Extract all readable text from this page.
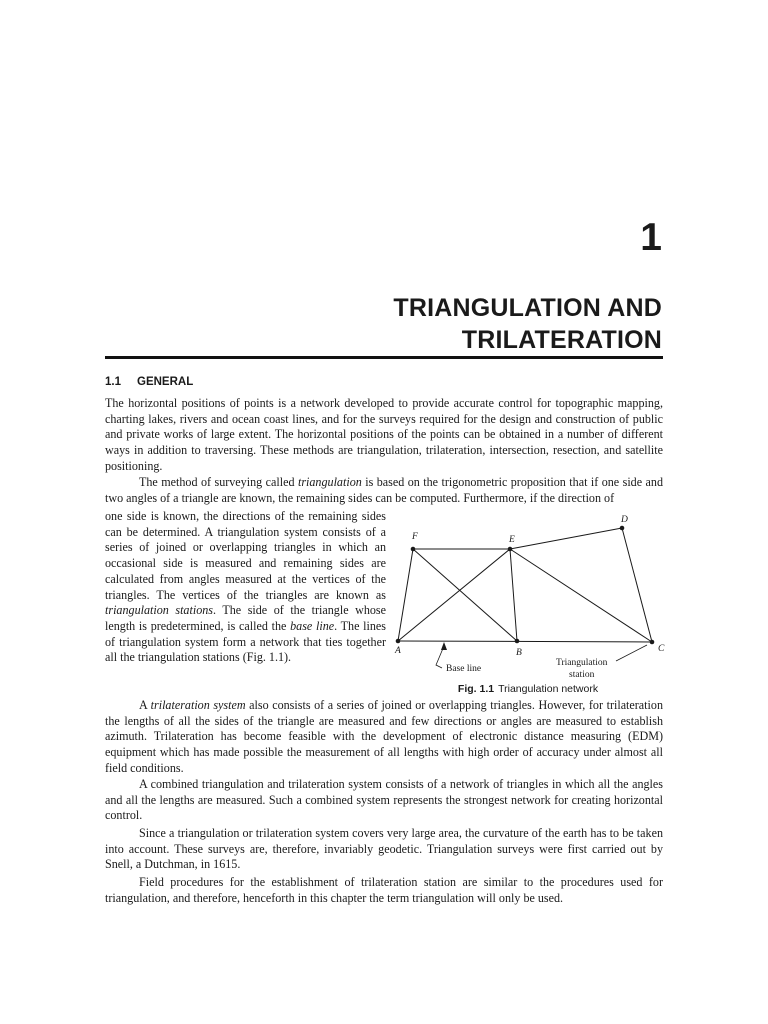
1
TRIANGULATION AND
TRILATERATION
1.1 GENERAL
The horizontal positions of points is a network developed to provide accurate control for topographic mapping, charting lakes, rivers and ocean coast lines, and for the surveys required for the design and construction of public and private works of large extent. The horizontal positions of the points can be obtained in a number of different ways in addition to traversing. These methods are triangulation, trilateration, intersection, resection, and satellite positioning.
The method of surveying called triangulation is based on the trigonometric proposition that if one side and two angles of a triangle are known, the remaining sides can be computed. Furthermore, if the direction of
one side is known, the directions of the remaining sides can be determined. A triangulation system consists of a series of joined or overlapping triangles in which an occasional side is measured and remaining sides are calculated from angles measured at the vertices of the triangles. The vertices of the triangles are known as triangulation stations. The side of the triangle whose length is predetermined, is called the base line. The lines of triangulation system form a network that ties together all the triangulation stations (Fig. 1.1).	A	B	C
D
E
F
Base line
Triangulation
station
Fig. 1.1 Triangulation network
A trilateration system also consists of a series of joined or overlapping triangles. However, for trilateration the lengths of all the sides of the triangle are measured and few directions or angles are measured to establish azimuth. Trilateration has become feasible with the development of electronic distance measuring (EDM) equipment which has made possible the measurement of all lengths with high order of accuracy under almost all field conditions.
A combined triangulation and trilateration system consists of a network of triangles in which all the angles and all the lengths are measured. Such a combined system represents the strongest network for creating horizontal control.
Since a triangulation or trilateration system covers very large area, the curvature of the earth has to be taken into account. These surveys are, therefore, invariably geodetic. Triangulation surveys were first carried out by Snell, a Dutchman, in 1615.
Field procedures for the establishment of trilateration station are similar to the procedures used for triangulation, and therefore, henceforth in this chapter the term triangulation will only be used.
